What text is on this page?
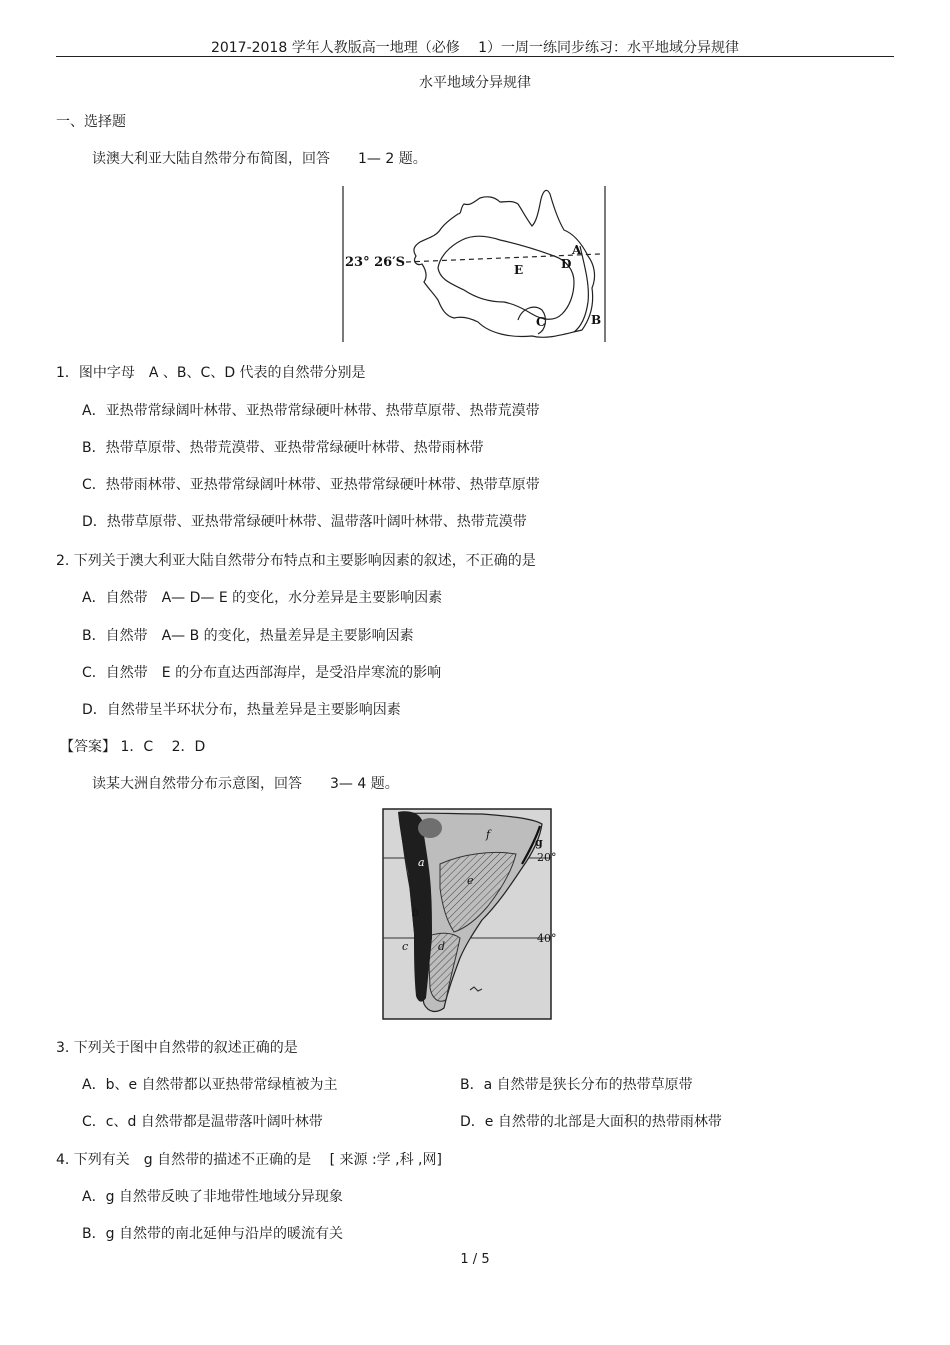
2017-2018 学年人教版高一地理（必修　 1）一周一练同步练习：水平地域分异规律
水平地域分异规律
一、选择题
读澳大利亚大陆自然带分布简图，回答　　1— 2 题。
23° 26′S
A
D
E
C	B
1．图中字母　A 、B、C、D 代表的自然带分别是
A．亚热带常绿阔叶林带、亚热带常绿硬叶林带、热带草原带、热带荒漠带
B．热带草原带、热带荒漠带、亚热带常绿硬叶林带、热带雨林带
C．热带雨林带、亚热带常绿阔叶林带、亚热带常绿硬叶林带、热带草原带
D．热带草原带、亚热带常绿硬叶林带、温带落叶阔叶林带、热带荒漠带
2. 下列关于澳大利亚大陆自然带分布特点和主要影响因素的叙述，不正确的是
A．自然带　A— D— E 的变化，水分差异是主要影响因素
B．自然带　A— B 的变化，热量差异是主要影响因素
C．自然带　E 的分布直达西部海岸，是受沿岸寒流的影响
D．自然带呈半环状分布，热量差异是主要影响因素
【答案】 1．C　 2．D
读某大洲自然带分布示意图，回答　　3— 4 题。
f
g
20°
a
e
b
40°
c	d
3. 下列关于图中自然带的叙述正确的是
A．b、e 自然带都以亚热带常绿植被为主	B．a 自然带是狭长分布的热带草原带
C．c、d 自然带都是温带落叶阔叶林带	D．e 自然带的北部是大面积的热带雨林带
4. 下列有关　g 自然带的描述不正确的是　 [ 来源 :学 ,科 ,网]
A．g 自然带反映了非地带性地域分异现象
B．g 自然带的南北延伸与沿岸的暖流有关
1 / 5
